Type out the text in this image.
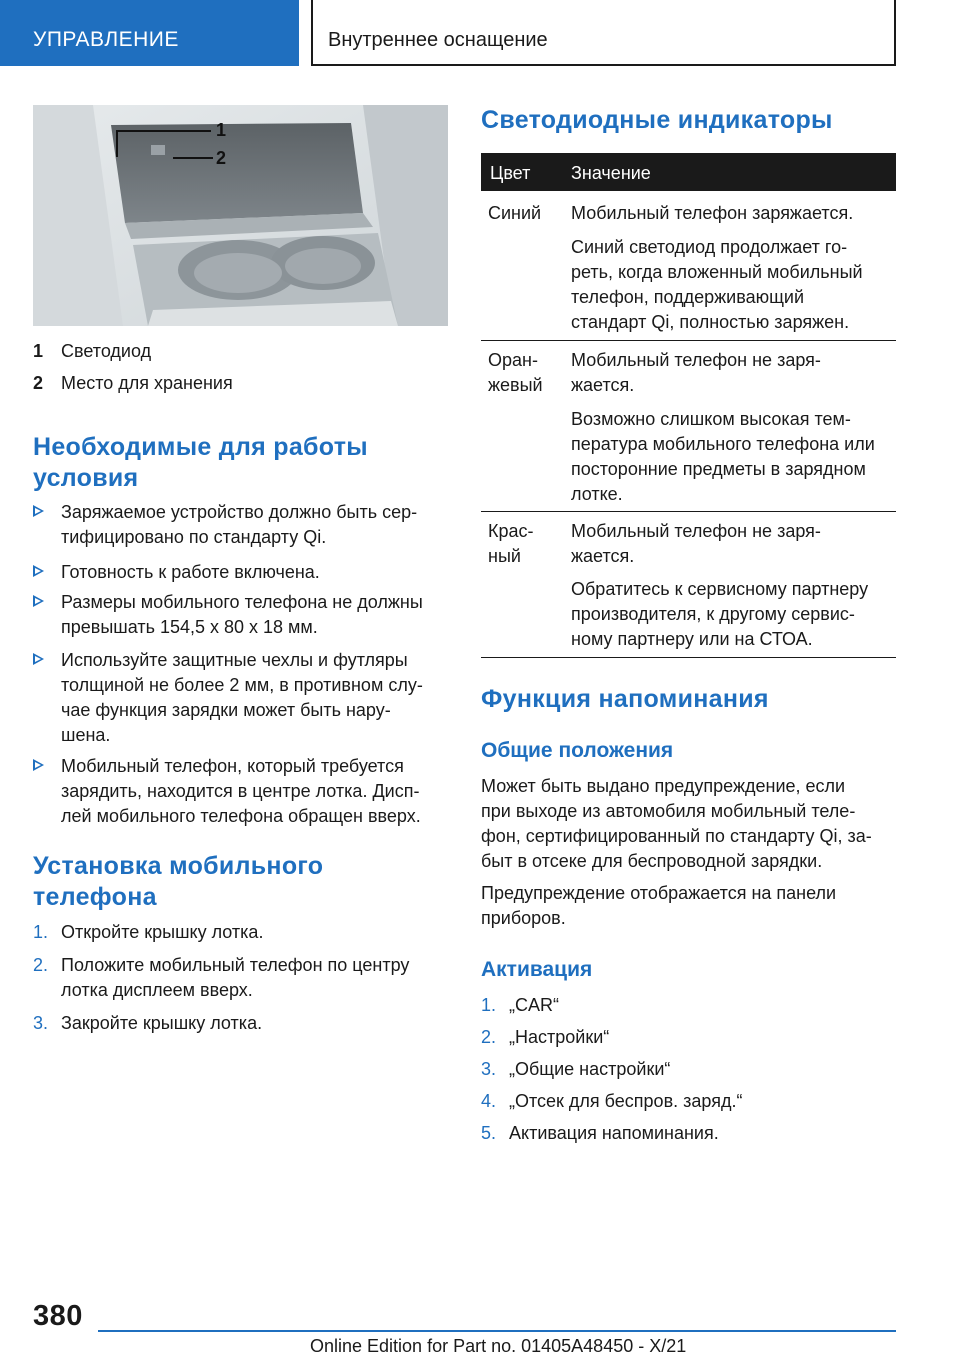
УПРАВЛЕНИЕ	Внутреннее оснащение
1
2
1 Светодиод
2 Место для хранения
Необходимые для работы
условия
Заряжаемое устройство должно быть сер-
тифицировано по стандарту Qi.
Готовность к работе включена.
Размеры мобильного телефона не должны
превышать 154,5 x 80 x 18 мм.
Используйте защитные чехлы и футляры
толщиной не более 2 мм, в противном слу-
чае функция зарядки может быть нару-
шена.
Мобильный телефон, который требуется
зарядить, находится в центре лотка. Дисп-
лей мобильного телефона обращен вверх.
Установка мобильного
телефона
1. Откройте крышку лотка.
2. Положите мобильный телефон по центру
лотка дисплеем вверх.
3. Закройте крышку лотка.
Светодиодные индикаторы
Цвет Значение
Синий Мобильный телефон заряжается.
Синий светодиод продолжает го-
реть, когда вложенный мобильный
телефон, поддерживающий
стандарт Qi, полностью заряжен.
Оран-
жевый
Мобильный телефон не заря-
жается.
Возможно слишком высокая тем-
пература мобильного телефона или
посторонние предметы в зарядном
лотке.
Крас-
ный
Мобильный телефон не заря-
жается.
Обратитесь к сервисному партнеру
производителя, к другому сервис-
ному партнеру или на СТОА.
Функция напоминания
Общие положения
Может быть выдано предупреждение, если
при выходе из автомобиля мобильный теле-
фон, сертифицированный по стандарту Qi, за-
быт в отсеке для беспроводной зарядки.
Предупреждение отображается на панели
приборов.
Активация
1. „CAR“
2. „Настройки“
3. „Общие настройки“
4. „Отсек для беспров. заряд.“
5. Активация напоминания.
380
Online Edition for Part no. 01405A48450 - X/21
